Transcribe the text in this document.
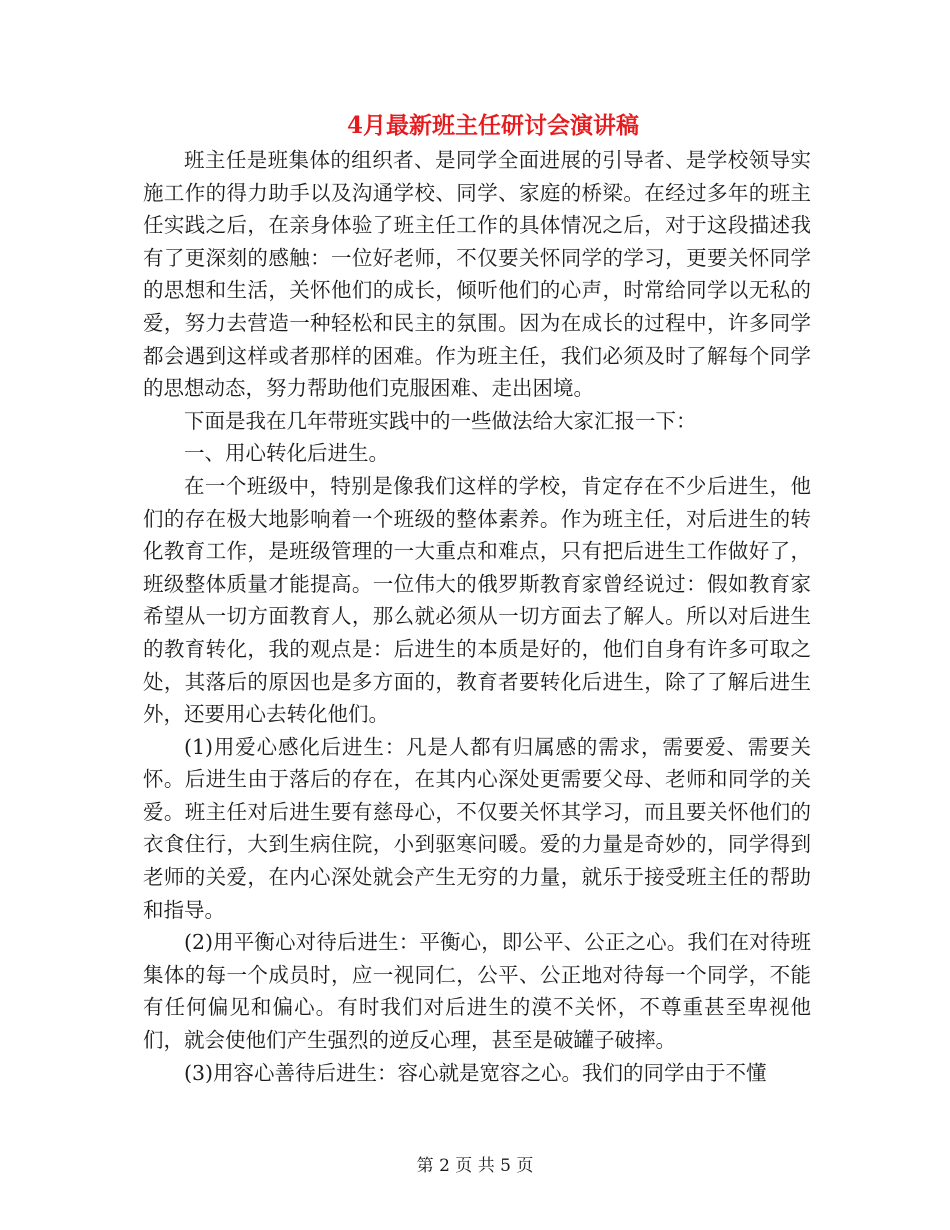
4月最新班主任研讨会演讲稿

班主任是班集体的组织者、是同学全面进展的引导者、是学校领导实施工作的得力助手以及沟通学校、同学、家庭的桥梁。在经过多年的班主任实践之后，在亲身体验了班主任工作的具体情况之后，对于这段描述我有了更深刻的感触：一位好老师，不仅要关怀同学的学习，更要关怀同学的思想和生活，关怀他们的成长，倾听他们的心声，时常给同学以无私的爱，努力去营造一种轻松和民主的氛围。因为在成长的过程中，许多同学都会遇到这样或者那样的困难。作为班主任，我们必须及时了解每个同学的思想动态，努力帮助他们克服困难、走出困境。

下面是我在几年带班实践中的一些做法给大家汇报一下：

一、用心转化后进生。

在一个班级中，特别是像我们这样的学校，肯定存在不少后进生，他们的存在极大地影响着一个班级的整体素养。作为班主任，对后进生的转化教育工作，是班级管理的一大重点和难点，只有把后进生工作做好了，班级整体质量才能提高。一位伟大的俄罗斯教育家曾经说过：假如教育家希望从一切方面教育人，那么就必须从一切方面去了解人。所以对后进生的教育转化，我的观点是：后进生的本质是好的，他们自身有许多可取之处，其落后的原因也是多方面的，教育者要转化后进生，除了了解后进生外，还要用心去转化他们。

(1)用爱心感化后进生：凡是人都有归属感的需求，需要爱、需要关怀。后进生由于落后的存在，在其内心深处更需要父母、老师和同学的关爱。班主任对后进生要有慈母心，不仅要关怀其学习，而且要关怀他们的衣食住行，大到生病住院，小到驱寒问暖。爱的力量是奇妙的，同学得到老师的关爱，在内心深处就会产生无穷的力量，就乐于接受班主任的帮助和指导。

(2)用平衡心对待后进生：平衡心，即公平、公正之心。我们在对待班集体的每一个成员时，应一视同仁，公平、公正地对待每一个同学，不能有任何偏见和偏心。有时我们对后进生的漠不关怀，不尊重甚至卑视他们，就会使他们产生强烈的逆反心理，甚至是破罐子破摔。

(3)用容心善待后进生：容心就是宽容之心。我们的同学由于不懂

第 2 页 共 5 页
